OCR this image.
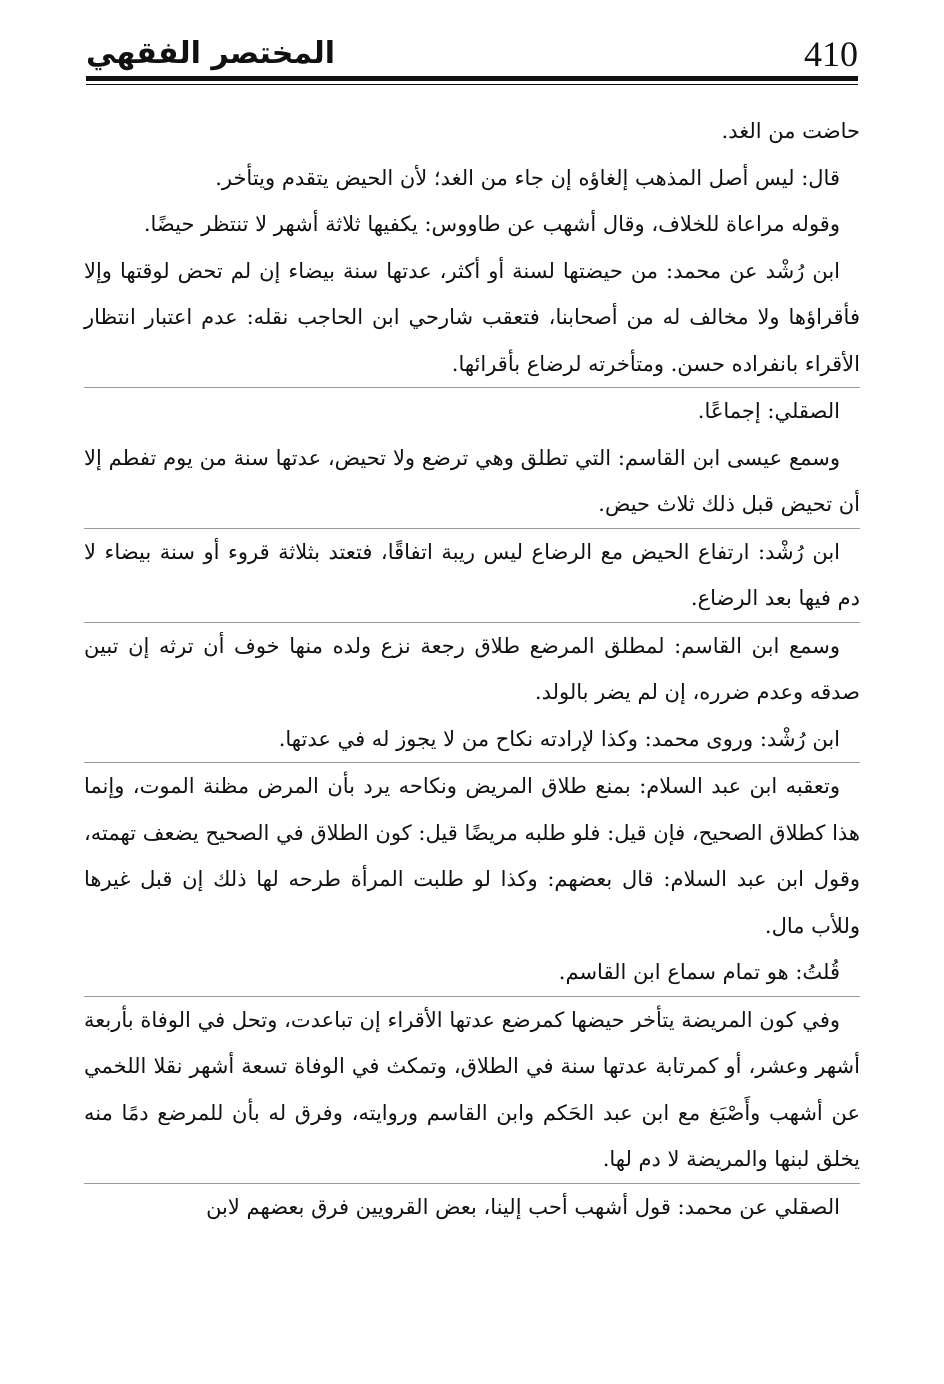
410
المختصر الفقهي

حاضت من الغد.

قال: ليس أصل المذهب إلغاؤه إن جاء من الغد؛ لأن الحيض يتقدم ويتأخر.

وقوله مراعاة للخلاف، وقال أشهب عن طاووس: يكفيها ثلاثة أشهر لا تنتظر حيضًا.

ابن رُشْد عن محمد: من حيضتها لسنة أو أكثر، عدتها سنة بيضاء إن لم تحض لوقتها وإلا فأقراؤها ولا مخالف له من أصحابنا، فتعقب شارحي ابن الحاجب نقله: عدم اعتبار انتظار الأقراء بانفراده حسن. ومتأخرته لرضاع بأقرائها.

الصقلي: إجماعًا.

وسمع عيسى ابن القاسم: التي تطلق وهي ترضع ولا تحيض، عدتها سنة من يوم تفطم إلا أن تحيض قبل ذلك ثلاث حيض.

ابن رُشْد: ارتفاع الحيض مع الرضاع ليس ريبة اتفاقًا، فتعتد بثلاثة قروء أو سنة بيضاء لا دم فيها بعد الرضاع.

وسمع ابن القاسم: لمطلق المرضع طلاق رجعة نزع ولده منها خوف أن ترثه إن تبين صدقه وعدم ضرره، إن لم يضر بالولد.

ابن رُشْد: وروى محمد: وكذا لإرادته نكاح من لا يجوز له في عدتها.

وتعقبه ابن عبد السلام: بمنع طلاق المريض ونكاحه يرد بأن المرض مظنة الموت، وإنما هذا كطلاق الصحيح، فإن قيل: فلو طلبه مريضًا قيل: كون الطلاق في الصحيح يضعف تهمته، وقول ابن عبد السلام: قال بعضهم: وكذا لو طلبت المرأة طرحه لها ذلك إن قبل غيرها وللأب مال.

قُلتُ: هو تمام سماع ابن القاسم.

وفي كون المريضة يتأخر حيضها كمرضع عدتها الأقراء إن تباعدت، وتحل في الوفاة بأربعة أشهر وعشر، أو كمرتابة عدتها سنة في الطلاق، وتمكث في الوفاة تسعة أشهر نقلا اللخمي عن أشهب وأَصْبَغ مع ابن عبد الحَكم وابن القاسم وروايته، وفرق له بأن للمرضع دمًا منه يخلق لبنها والمريضة لا دم لها.

الصقلي عن محمد: قول أشهب أحب إلينا، بعض القرويين فرق بعضهم لابن
